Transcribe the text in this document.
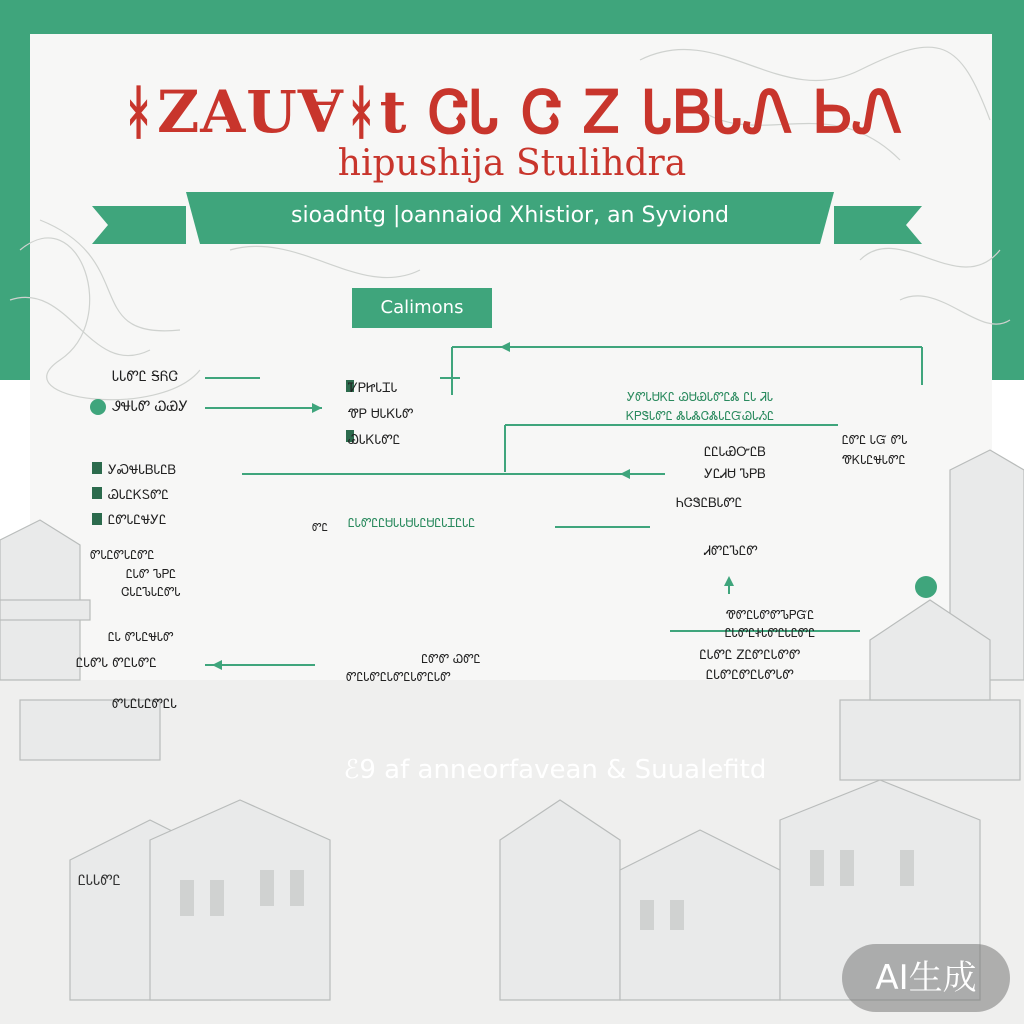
ᚼZAUⱯᚼt ᏣᏓ Ꮳ Ꮓ ᏓᏴᏓᏁ ᏏᏁ
hipushija Stulihdra
sioadntg |oannaiod Xhistior, an Syviond
Calimons
ᏓᏓᏛᏝ ᎦᏲᏣ
ᏭᏠᏓᏛ ᏇᏯᎩ
ᏤᏢᏥᏓᏆᏓ
ᏡᏢ ᏌᏓᏦᏓᏛ
ᏊᏓᏦᏓᏛᏝ
ᎩᏛᏓᏌᏦᏝ ᏊᏌᏯᏓᏛᏝᏜ ᏝᏓ ᏘᏓ
ᏦᏢᏕᏓᏛᏝ ᏜᏓᏜᏣᏜᏓᏝᏳᏊᏓᏱᏝ
ᏝᏝᏓᏯᏅᏝᏴ
ᎩᏝᏗᏌ ᏖᏢᏴ
ᎩᏍᏠᏓᏴᏓᏝᏴ
ᏊᏓᏝᏦᏚᏛᏝ
ᏝᏛᏓᏝᏠᎩᏝ
ᏂᏣᏕᏝᏴᏓᏛᏝ
ᏝᏛᏝ ᏓᏳ ᏛᏓ
ᏡᏦᏓᏝᏠᏓᏛᏝ
ᏝᏓᏛᏝᏝᏌᏓᏓᏌᏓᏝᏌᏝᏓᏆᏝᏓᏝ
ᏝᏓᏛ ᏖᏢᏝ
ᏣᏓᏝᏖᏓᏝᏛᏓ
ᏗᏛᏝᏖᏝᏛ
ᏡᏛᏝᏓᏛᏛᏖᏢᏳᏝ
ᏝᏓᏛᏝᏐᏓᏛᏝᏓᏝᏛᏝ
ᏝᏓᏛᏝ ᏃᏝᏛᏝᏓᏛᏛ
ᏝᏓᏛᏝᏛᏝᏓᏛᏓᏛ
ᏝᏛᏛ ᏇᏛᏝ
ᏝᏓ ᏛᏓᏝᏠᏓᏛ
ᏝᏓᏛᏓ ᏛᏝᏓᏛᏝ
ᏛᏓᏝᏓᏝᏛᏝᏓ
ᏛᏝᏓᏛᏝᏓᏛᏝᏓᏛᏝᏓᏛ
ᏛᏓᏝᏛᏓᏝᏛᏝ
ᏛᏝ
ℰ9 af anneorfavean & Suualefitd
ᏝᏓᏓᏛᏝ
AI生成
